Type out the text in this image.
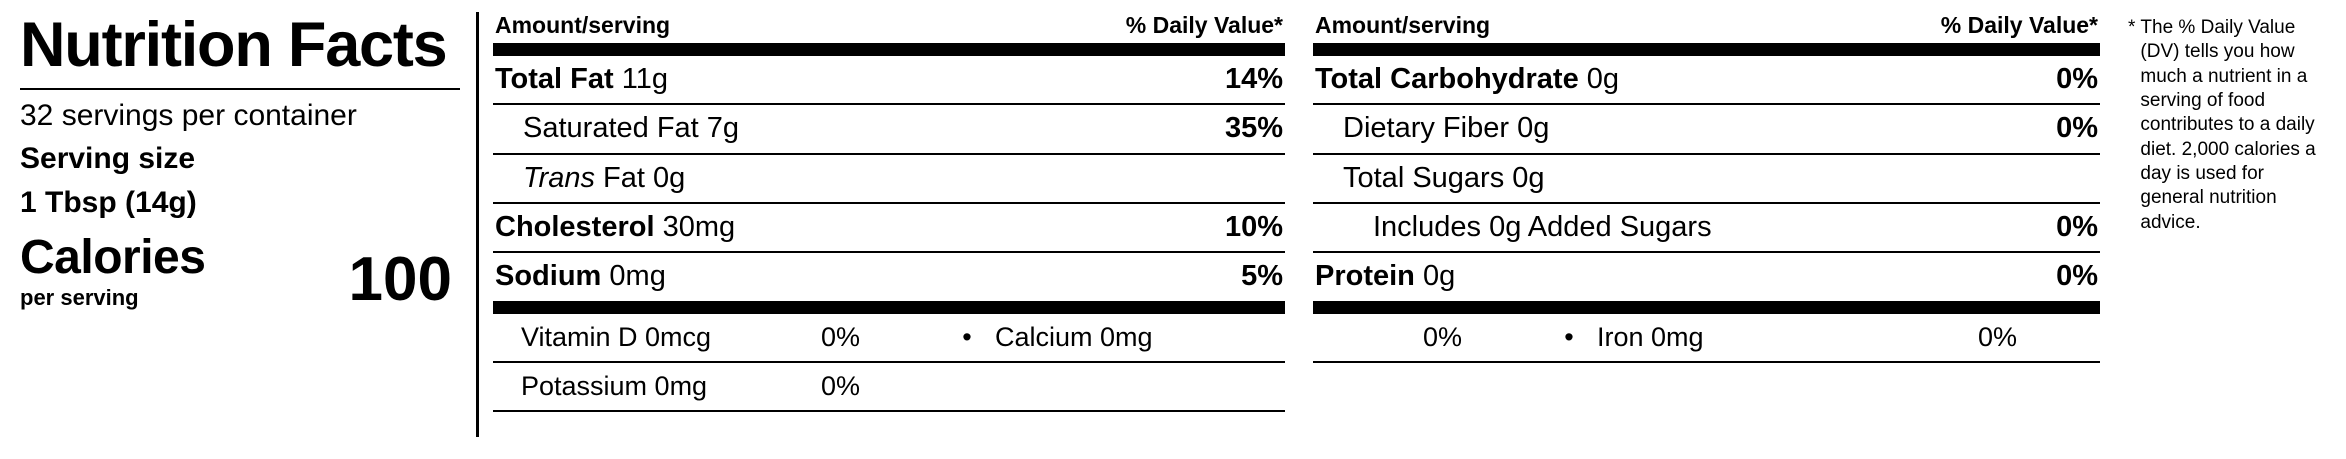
Nutrition Facts
32 servings per container
Serving size
1 Tbsp (14g)
Calories
per serving	100
Amount/serving	% Daily Value*
Total Fat 11g	14%
Saturated Fat 7g	35%
Trans Fat 0g
Cholesterol 30mg	10%
Sodium 0mg	5%
Vitamin D 0mcg	0%	• Calcium 0mg
Potassium 0mg	0%
Amount/serving	% Daily Value*
Total Carbohydrate 0g	0%
Dietary Fiber 0g	0%
Total Sugars 0g
Includes 0g Added Sugars	0%
Protein 0g	0%
0%	• Iron 0mg	0%
* The % Daily Value (DV) tells you how much a nutrient in a serving of food contributes to a daily diet. 2,000 calories a day is used for general nutrition advice.
